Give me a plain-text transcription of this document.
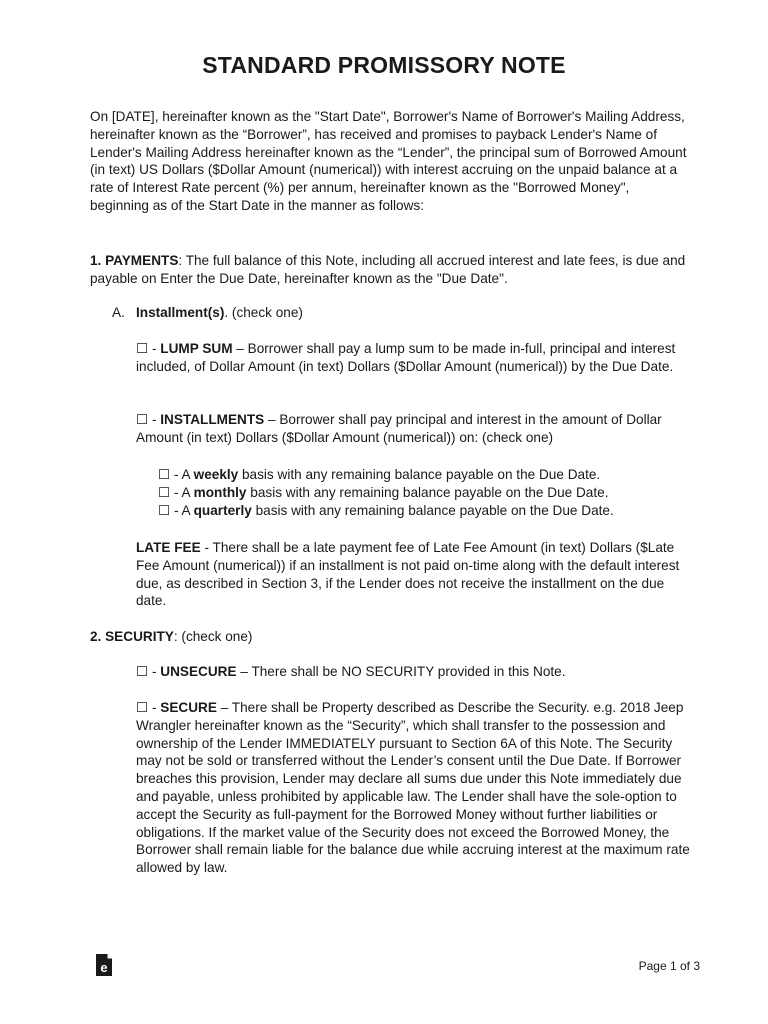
STANDARD PROMISSORY NOTE

On [DATE], hereinafter known as the "Start Date", Borrower's Name of Borrower's Mailing Address, hereinafter known as the “Borrower”, has received and promises to payback Lender's Name of Lender's Mailing Address hereinafter known as the “Lender”, the principal sum of Borrowed Amount (in text) US Dollars ($Dollar Amount (numerical)) with interest accruing on the unpaid balance at a rate of Interest Rate percent (%) per annum, hereinafter known as the "Borrowed Money", beginning as of the Start Date in the manner as follows:

1. PAYMENTS: The full balance of this Note, including all accrued interest and late fees, is due and payable on Enter the Due Date, hereinafter known as the "Due Date".

A. Installment(s). (check one)

☐ - LUMP SUM – Borrower shall pay a lump sum to be made in-full, principal and interest included, of Dollar Amount (in text) Dollars ($Dollar Amount (numerical)) by the Due Date.

☐ - INSTALLMENTS – Borrower shall pay principal and interest in the amount of Dollar Amount (in text) Dollars ($Dollar Amount (numerical)) on: (check one)

☐ - A weekly basis with any remaining balance payable on the Due Date.

☐ - A monthly basis with any remaining balance payable on the Due Date.

☐ - A quarterly basis with any remaining balance payable on the Due Date.

LATE FEE - There shall be a late payment fee of Late Fee Amount (in text) Dollars ($Late Fee Amount (numerical)) if an installment is not paid on-time along with the default interest due, as described in Section 3, if the Lender does not receive the installment on the due date.

2. SECURITY: (check one)

☐ - UNSECURE – There shall be NO SECURITY provided in this Note.

☐ - SECURE – There shall be Property described as Describe the Security. e.g. 2018 Jeep Wrangler hereinafter known as the “Security”, which shall transfer to the possession and ownership of the Lender IMMEDIATELY pursuant to Section 6A of this Note. The Security may not be sold or transferred without the Lender’s consent until the Due Date. If Borrower breaches this provision, Lender may declare all sums due under this Note immediately due and payable, unless prohibited by applicable law. The Lender shall have the sole-option to accept the Security as full-payment for the Borrowed Money without further liabilities or obligations. If the market value of the Security does not exceed the Borrowed Money, the Borrower shall remain liable for the balance due while accruing interest at the maximum rate allowed by law.

e	Page 1 of 3
